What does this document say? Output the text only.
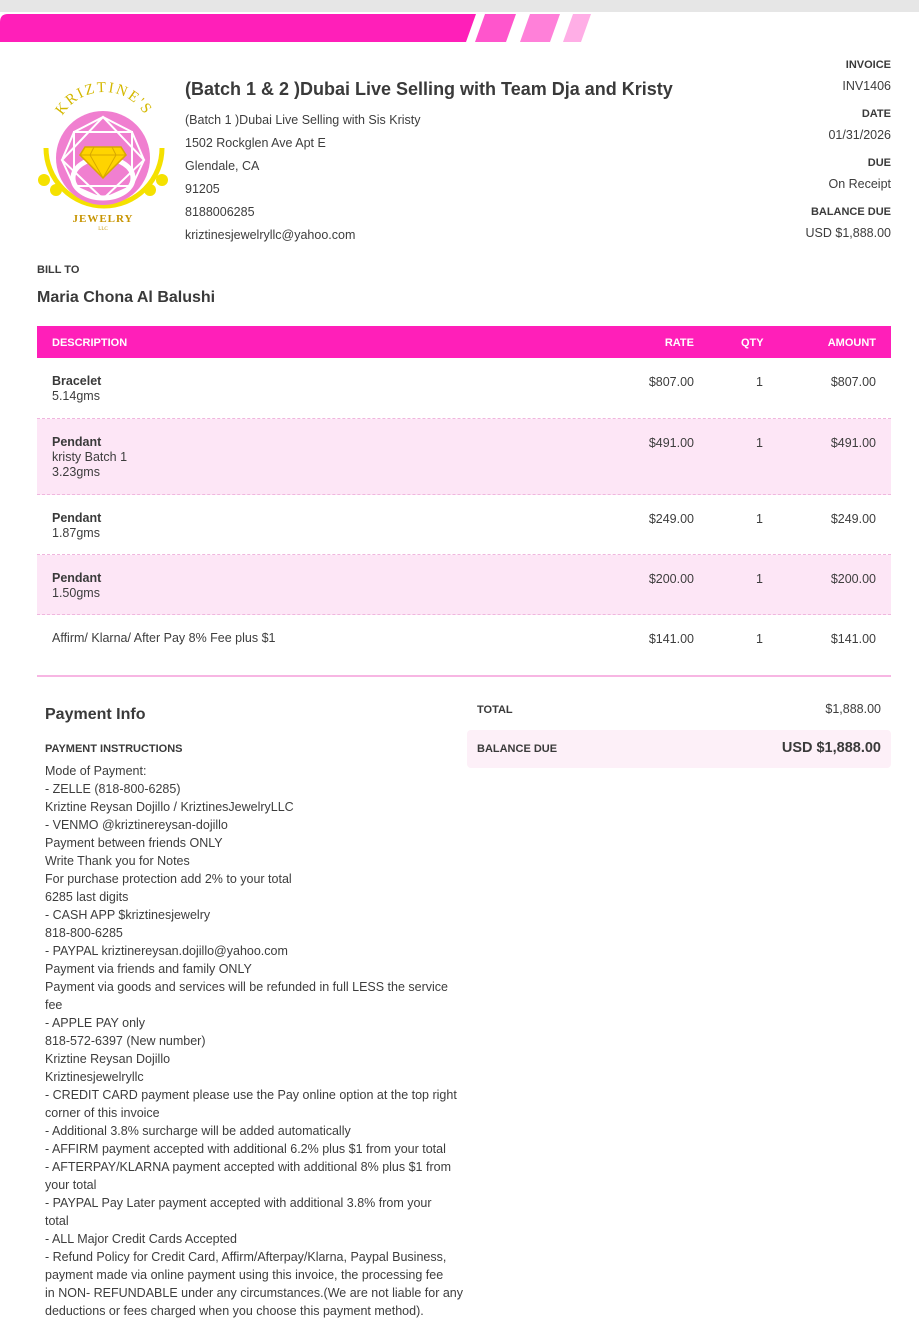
KRIZTINE'S
JEWELRY
LLC
(Batch 1 & 2 )Dubai Live Selling with Team Dja and Kristy
(Batch 1 )Dubai Live Selling with Sis Kristy
1502 Rockglen Ave Apt E
Glendale, CA
91205
8188006285
kriztinesjewelryllc@yahoo.com
INVOICE
INV1406
DATE
01/31/2026
DUE
On Receipt
BALANCE DUE
USD $1,888.00
BILL TO
Maria Chona Al Balushi
DESCRIPTION	RATE	QTY	AMOUNT
Bracelet
5.14gms
$807.00	1	$807.00
Pendant
kristy Batch 1
3.23gms
$491.00	1	$491.00
Pendant
1.87gms
$249.00	1	$249.00
Pendant
1.50gms
$200.00	1	$200.00
Affirm/ Klarna/ After Pay 8% Fee plus $1	$141.00	1	$141.00
Payment Info
PAYMENT INSTRUCTIONS
Mode of Payment:
- ZELLE (818-800-6285)
Kriztine Reysan Dojillo / KriztinesJewelryLLC
- VENMO @kriztinereysan-dojillo
Payment between friends ONLY
Write Thank you for Notes
For purchase protection add 2% to your total
6285 last digits
- CASH APP $kriztinesjewelry
818-800-6285
- PAYPAL kriztinereysan.dojillo@yahoo.com
Payment via friends and family ONLY
Payment via goods and services will be refunded in full LESS the service
fee
- APPLE PAY only
818-572-6397 (New number)
Kriztine Reysan Dojillo
Kriztinesjewelryllc
- CREDIT CARD payment please use the Pay online option at the top right
corner of this invoice
- Additional 3.8% surcharge will be added automatically
- AFFIRM payment accepted with additional 6.2% plus $1 from your total
- AFTERPAY/KLARNA payment accepted with additional 8% plus $1 from
your total
- PAYPAL Pay Later payment accepted with additional 3.8% from your
total
- ALL Major Credit Cards Accepted
- Refund Policy for Credit Card, Affirm/Afterpay/Klarna, Paypal Business,
payment made via online payment using this invoice, the processing fee
in NON- REFUNDABLE under any circumstances.(We are not liable for any
deductions or fees charged when you choose this payment method).
TOTAL	$1,888.00
BALANCE DUE	USD $1,888.00
